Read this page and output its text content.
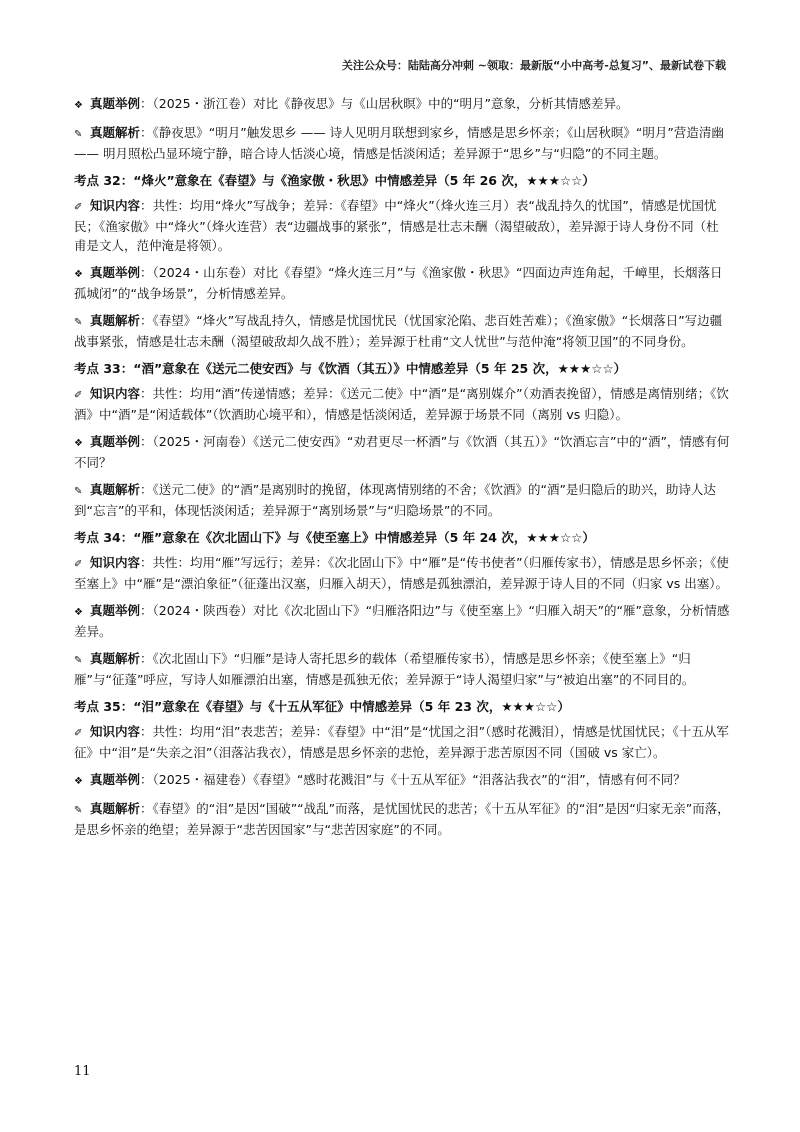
关注公众号：陆陆高分冲刺 ~领取：最新版“小中高考-总复习”、最新试卷下载
❖ 真题举例：（2025・浙江卷）对比《静夜思》与《山居秋暝》中的“明月”意象，分析其情感差异。
✎ 真题解析：《静夜思》“明月”触发思乡 —— 诗人见明月联想到家乡，情感是思乡怀亲；《山居秋暝》“明月”营造清幽 —— 明月照松凸显环境宁静，暗合诗人恬淡心境，情感是恬淡闲适；差异源于“思乡”与“归隐”的不同主题。
考点 32：“烽火”意象在《春望》与《渔家傲・秋思》中情感差异（5 年 26 次，★★★☆☆）
✐ 知识内容：共性：均用“烽火”写战争；差异：《春望》中“烽火”（烽火连三月）表“战乱持久的忧国”，情感是忧国忧民；《渔家傲》中“烽火”（烽火连营）表“边疆战事的紧张”，情感是壮志未酬（渴望破敌），差异源于诗人身份不同（杜甫是文人，范仲淹是将领）。
❖ 真题举例：（2024・山东卷）对比《春望》“烽火连三月”与《渔家傲・秋思》“四面边声连角起，千嶂里，长烟落日孤城闭”的“战争场景”，分析情感差异。
✎ 真题解析：《春望》“烽火”写战乱持久，情感是忧国忧民（忧国家沦陷、悲百姓苦难）；《渔家傲》“长烟落日”写边疆战事紧张，情感是壮志未酬（渴望破敌却久战不胜）；差异源于杜甫“文人忧世”与范仲淹“将领卫国”的不同身份。
考点 33：“酒”意象在《送元二使安西》与《饮酒（其五）》中情感差异（5 年 25 次，★★★☆☆）
✐ 知识内容：共性：均用“酒”传递情感；差异：《送元二使》中“酒”是“离别媒介”（劝酒表挽留），情感是离情别绪；《饮酒》中“酒”是“闲适载体”（饮酒助心境平和），情感是恬淡闲适，差异源于场景不同（离别 vs 归隐）。
❖ 真题举例：（2025・河南卷）《送元二使安西》“劝君更尽一杯酒”与《饮酒（其五）》“饮酒忘言”中的“酒”，情感有何不同？
✎ 真题解析：《送元二使》的“酒”是离别时的挽留，体现离情别绪的不舍；《饮酒》的“酒”是归隐后的助兴，助诗人达到“忘言”的平和，体现恬淡闲适；差异源于“离别场景”与“归隐场景”的不同。
考点 34：“雁”意象在《次北固山下》与《使至塞上》中情感差异（5 年 24 次，★★★☆☆）
✐ 知识内容：共性：均用“雁”写远行；差异：《次北固山下》中“雁”是“传书使者”（归雁传家书），情感是思乡怀亲；《使至塞上》中“雁”是“漂泊象征”（征蓬出汉塞，归雁入胡天），情感是孤独漂泊，差异源于诗人目的不同（归家 vs 出塞）。
❖ 真题举例：（2024・陕西卷）对比《次北固山下》“归雁洛阳边”与《使至塞上》“归雁入胡天”的“雁”意象，分析情感差异。
✎ 真题解析：《次北固山下》“归雁”是诗人寄托思乡的载体（希望雁传家书），情感是思乡怀亲；《使至塞上》“归雁”与“征蓬”呼应，写诗人如雁漂泊出塞，情感是孤独无依；差异源于“诗人渴望归家”与“被迫出塞”的不同目的。
考点 35：“泪”意象在《春望》与《十五从军征》中情感差异（5 年 23 次，★★★☆☆）
✐ 知识内容：共性：均用“泪”表悲苦；差异：《春望》中“泪”是“忧国之泪”（感时花溅泪），情感是忧国忧民；《十五从军征》中“泪”是“失亲之泪”（泪落沾我衣），情感是思乡怀亲的悲怆，差异源于悲苦原因不同（国破 vs 家亡）。
❖ 真题举例：（2025・福建卷）《春望》“感时花溅泪”与《十五从军征》“泪落沾我衣”的“泪”，情感有何不同？
✎ 真题解析：《春望》的“泪”是因“国破”“战乱”而落，是忧国忧民的悲苦；《十五从军征》的“泪”是因“归家无亲”而落，是思乡怀亲的绝望；差异源于“悲苦因国家”与“悲苦因家庭”的不同。
11
